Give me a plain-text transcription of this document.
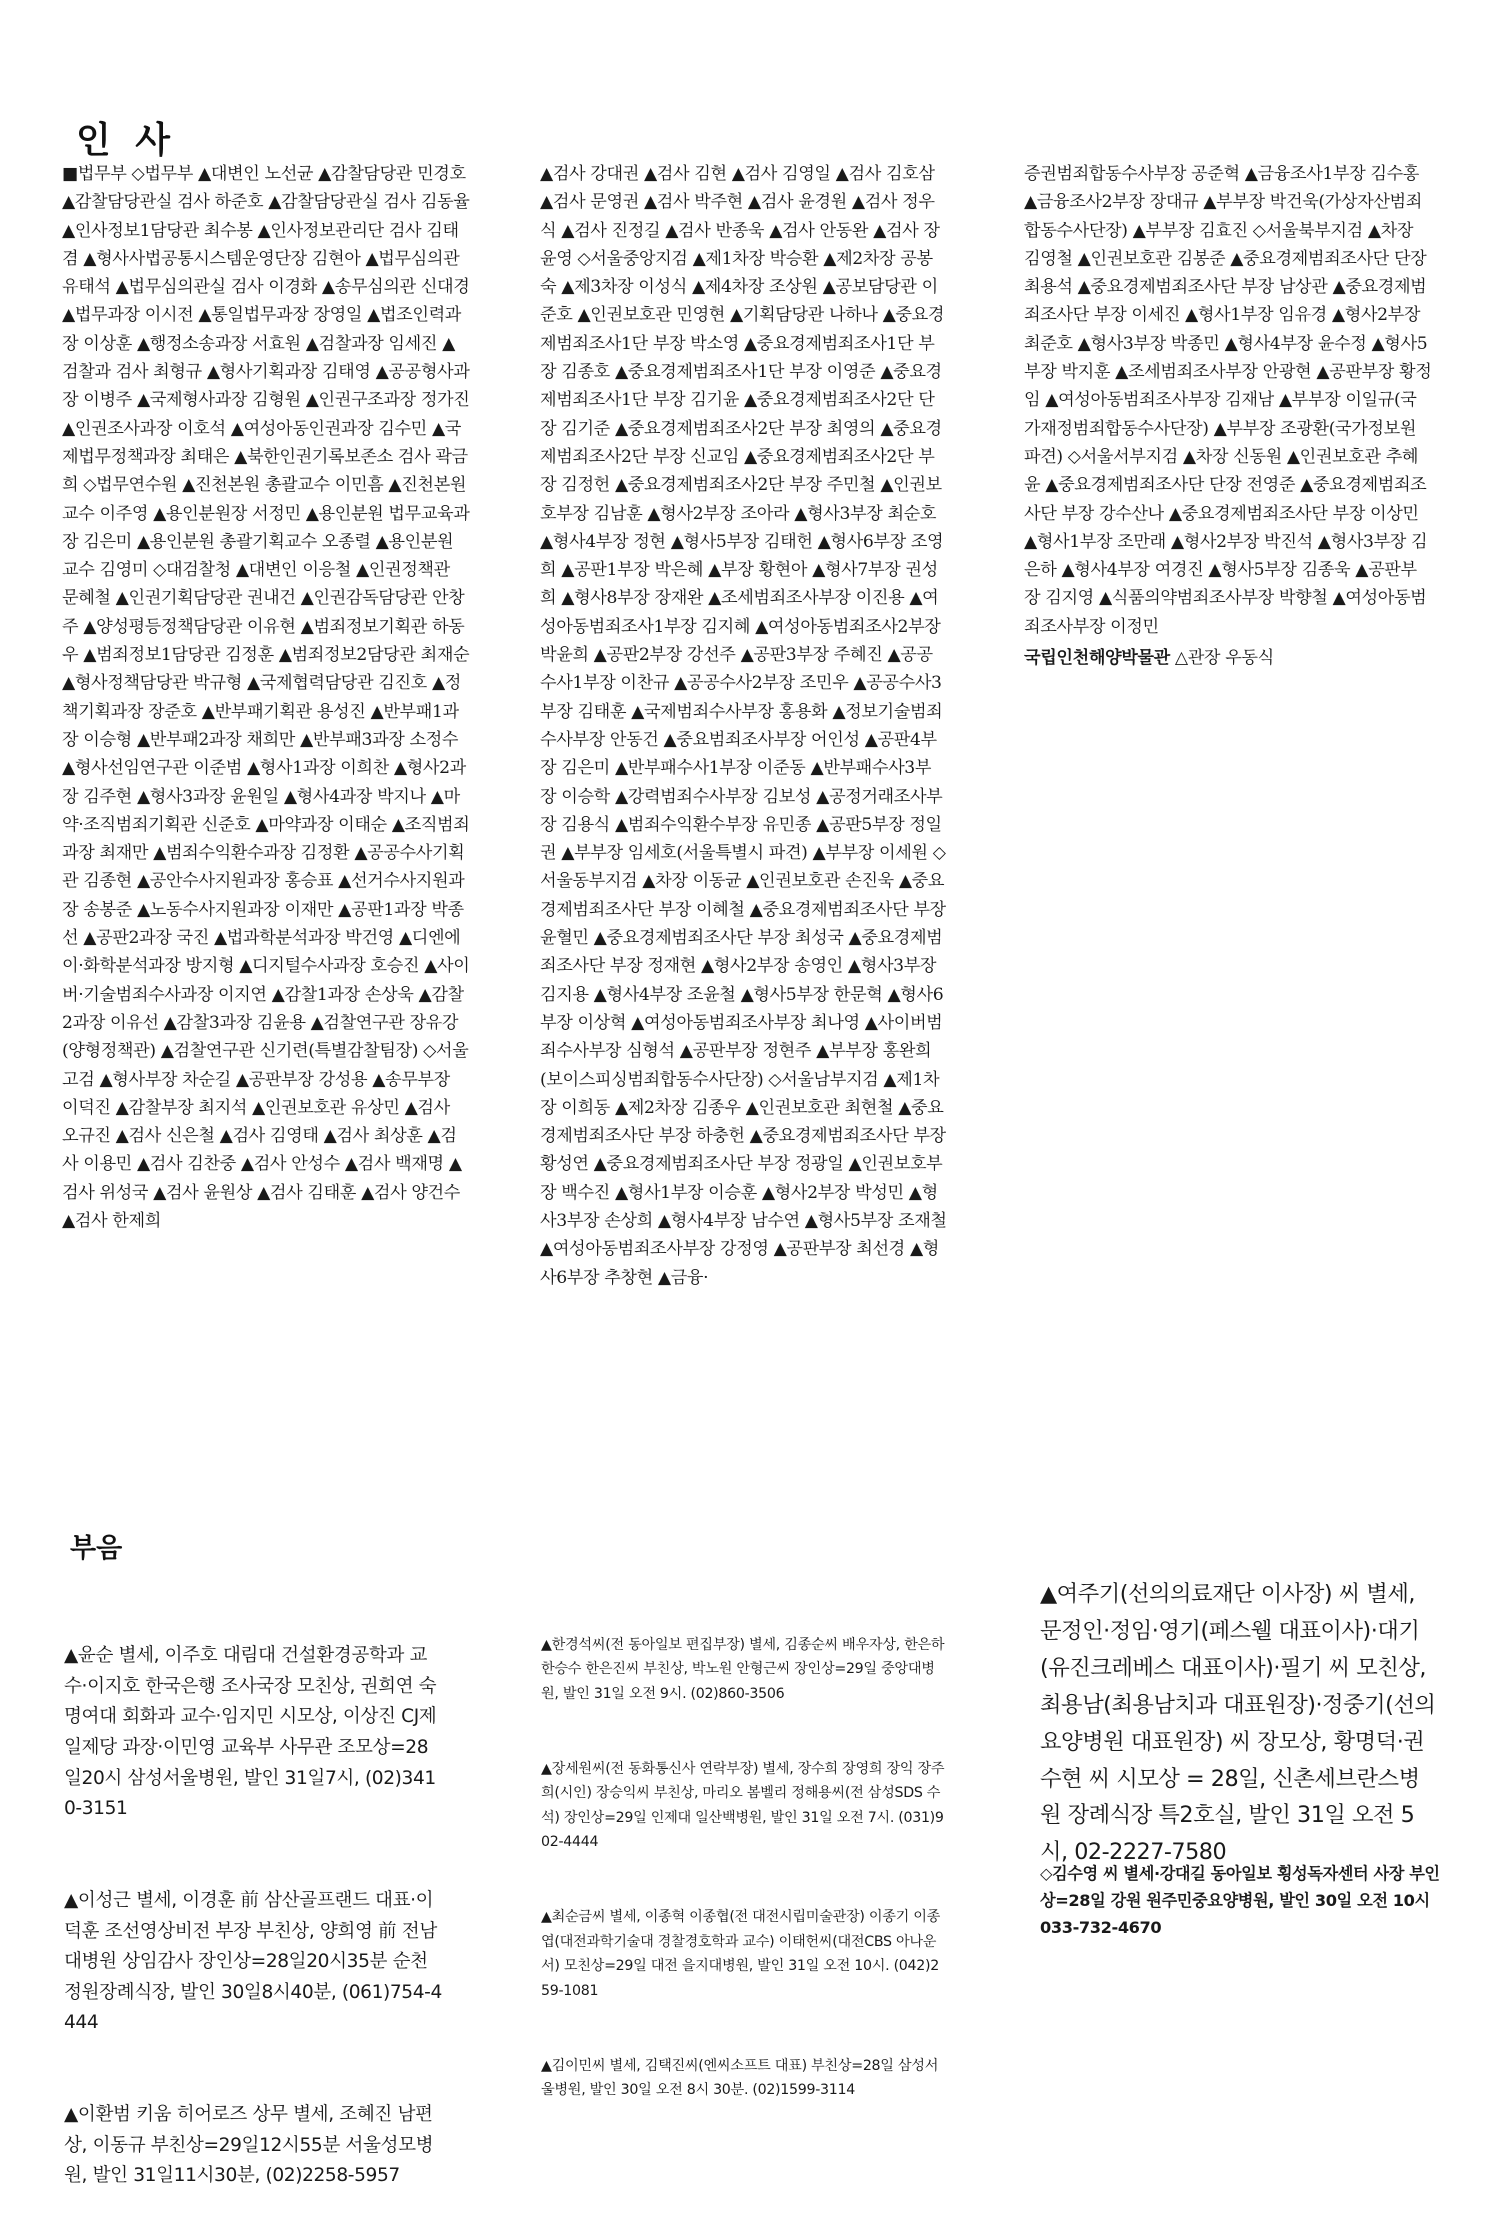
인 사
■법무부 ◇법무부 ▲대변인 노선균 ▲감찰담당관 민경호 ▲감찰담당관실 검사 하준호 ▲감찰담당관실 검사 김동율 ▲인사정보1담당관 최수봉 ▲인사정보관리단 검사 김태겸 ▲형사사법공통시스템운영단장 김현아 ▲법무심의관 유태석 ▲법무심의관실 검사 이경화 ▲송무심의관 신대경 ▲법무과장 이시전 ▲통일법무과장 장영일 ▲법조인력과장 이상훈 ▲행정소송과장 서효원 ▲검찰과장 임세진 ▲검찰과 검사 최형규 ▲형사기획과장 김태영 ▲공공형사과장 이병주 ▲국제형사과장 김형원 ▲인권구조과장 정가진 ▲인권조사과장 이호석 ▲여성아동인권과장 김수민 ▲국제법무정책과장 최태은 ▲북한인권기록보존소 검사 곽금희 ◇법무연수원 ▲진천본원 총괄교수 이민흠 ▲진천본원 교수 이주영 ▲용인분원장 서정민 ▲용인분원 법무교육과장 김은미 ▲용인분원 총괄기획교수 오종렬 ▲용인분원 교수 김영미 ◇대검찰청 ▲대변인 이응철 ▲인권정책관 문혜철 ▲인권기획담당관 권내건 ▲인권감독담당관 안창주 ▲양성평등정책담당관 이유현 ▲범죄정보기획관 하동우 ▲범죄정보1담당관 김정훈 ▲범죄정보2담당관 최재순 ▲형사정책담당관 박규형 ▲국제협력담당관 김진호 ▲정책기획과장 장준호 ▲반부패기획관 용성진 ▲반부패1과장 이승형 ▲반부패2과장 채희만 ▲반부패3과장 소정수 ▲형사선임연구관 이준범 ▲형사1과장 이희찬 ▲형사2과장 김주현 ▲형사3과장 윤원일 ▲형사4과장 박지나 ▲마약·조직범죄기획관 신준호 ▲마약과장 이태순 ▲조직범죄과장 최재만 ▲범죄수익환수과장 김정환 ▲공공수사기획관 김종현 ▲공안수사지원과장 홍승표 ▲선거수사지원과장 송봉준 ▲노동수사지원과장 이재만 ▲공판1과장 박종선 ▲공판2과장 국진 ▲법과학분석과장 박건영 ▲디엔에이·화학분석과장 방지형 ▲디지털수사과장 호승진 ▲사이버·기술범죄수사과장 이지연 ▲감찰1과장 손상욱 ▲감찰2과장 이유선 ▲감찰3과장 김윤용 ▲검찰연구관 장유강(양형정책관) ▲검찰연구관 신기련(특별감찰팀장) ◇서울고검 ▲형사부장 차순길 ▲공판부장 강성용 ▲송무부장 이덕진 ▲감찰부장 최지석 ▲인권보호관 유상민 ▲검사 오규진 ▲검사 신은철 ▲검사 김영태 ▲검사 최상훈 ▲검사 이용민 ▲검사 김찬중 ▲검사 안성수 ▲검사 백재명 ▲검사 위성국 ▲검사 윤원상 ▲검사 김태훈 ▲검사 양건수 ▲검사 한제희
▲검사 강대권 ▲검사 김현 ▲검사 김영일 ▲검사 김호삼 ▲검사 문영권 ▲검사 박주현 ▲검사 윤경원 ▲검사 정우식 ▲검사 진정길 ▲검사 반종욱 ▲검사 안동완 ▲검사 장윤영 ◇서울중앙지검 ▲제1차장 박승환 ▲제2차장 공봉숙 ▲제3차장 이성식 ▲제4차장 조상원 ▲공보담당관 이준호 ▲인권보호관 민영현 ▲기획담당관 나하나 ▲중요경제범죄조사1단 부장 박소영 ▲중요경제범죄조사1단 부장 김종호 ▲중요경제범죄조사1단 부장 이영준 ▲중요경제범죄조사1단 부장 김기윤 ▲중요경제범죄조사2단 단장 김기준 ▲중요경제범죄조사2단 부장 최영의 ▲중요경제범죄조사2단 부장 신교임 ▲중요경제범죄조사2단 부장 김정헌 ▲중요경제범죄조사2단 부장 주민철 ▲인권보호부장 김남훈 ▲형사2부장 조아라 ▲형사3부장 최순호 ▲형사4부장 정현 ▲형사5부장 김태헌 ▲형사6부장 조영희 ▲공판1부장 박은혜 ▲부장 황현아 ▲형사7부장 권성희 ▲형사8부장 장재완 ▲조세범죄조사부장 이진용 ▲여성아동범죄조사1부장 김지혜 ▲여성아동범죄조사2부장 박윤희 ▲공판2부장 강선주 ▲공판3부장 주혜진 ▲공공수사1부장 이찬규 ▲공공수사2부장 조민우 ▲공공수사3부장 김태훈 ▲국제범죄수사부장 홍용화 ▲정보기술범죄수사부장 안동건 ▲중요범죄조사부장 어인성 ▲공판4부장 김은미 ▲반부패수사1부장 이준동 ▲반부패수사3부장 이승학 ▲강력범죄수사부장 김보성 ▲공정거래조사부장 김용식 ▲범죄수익환수부장 유민종 ▲공판5부장 정일권 ▲부부장 임세호(서울특별시 파견) ▲부부장 이세원 ◇서울동부지검 ▲차장 이동균 ▲인권보호관 손진욱 ▲중요경제범죄조사단 부장 이혜철 ▲중요경제범죄조사단 부장 윤혈민 ▲중요경제범죄조사단 부장 최성국 ▲중요경제범죄조사단 부장 정재현 ▲형사2부장 송영인 ▲형사3부장 김지용 ▲형사4부장 조윤철 ▲형사5부장 한문혁 ▲형사6부장 이상혁 ▲여성아동범죄조사부장 최나영 ▲사이버범죄수사부장 심형석 ▲공판부장 정현주 ▲부부장 홍완희(보이스피싱범죄합동수사단장) ◇서울남부지검 ▲제1차장 이희동 ▲제2차장 김종우 ▲인권보호관 최현철 ▲중요경제범죄조사단 부장 하충헌 ▲중요경제범죄조사단 부장 황성연 ▲중요경제범죄조사단 부장 정광일 ▲인권보호부장 백수진 ▲형사1부장 이승훈 ▲형사2부장 박성민 ▲형사3부장 손상희 ▲형사4부장 남수연 ▲형사5부장 조재철 ▲여성아동범죄조사부장 강정영 ▲공판부장 최선경 ▲형사6부장 추창현 ▲금융·
증권범죄합동수사부장 공준혁 ▲금융조사1부장 김수홍 ▲금융조사2부장 장대규 ▲부부장 박건욱(가상자산범죄합동수사단장) ▲부부장 김효진 ◇서울북부지검 ▲차장 김영철 ▲인권보호관 김봉준 ▲중요경제범죄조사단 단장 최용석 ▲중요경제범죄조사단 부장 남상관 ▲중요경제범죄조사단 부장 이세진 ▲형사1부장 임유경 ▲형사2부장 최준호 ▲형사3부장 박종민 ▲형사4부장 윤수정 ▲형사5부장 박지훈 ▲조세범죄조사부장 안광현 ▲공판부장 황정임 ▲여성아동범죄조사부장 김재남 ▲부부장 이일규(국가재정범죄합동수사단장) ▲부부장 조광환(국가정보원 파견) ◇서울서부지검 ▲차장 신동원 ▲인권보호관 추혜윤 ▲중요경제범죄조사단 단장 전영준 ▲중요경제범죄조사단 부장 강수산나 ▲중요경제범죄조사단 부장 이상민 ▲형사1부장 조만래 ▲형사2부장 박진석 ▲형사3부장 김은하 ▲형사4부장 여경진 ▲형사5부장 김종욱 ▲공판부장 김지영 ▲식품의약범죄조사부장 박향철 ▲여성아동범죄조사부장 이정민
국립인천해양박물관 △관장 우동식
부음

▲윤순 별세, 이주호 대림대 건설환경공학과 교수·이지호 한국은행 조사국장 모친상, 권희연 숙명여대 회화과 교수·임지민 시모상, 이상진 CJ제일제당 과장·이민영 교육부 사무관 조모상=28일20시 삼성서울병원, 발인 31일7시, (02)3410-3151

▲이성근 별세, 이경훈 前 삼산골프랜드 대표·이덕훈 조선영상비전 부장 부친상, 양희영 前 전남대병원 상임감사 장인상=28일20시35분 순천정원장례식장, 발인 30일8시40분, (061)754-4444

▲이환범 키움 히어로즈 상무 별세, 조혜진 남편상, 이동규 부친상=29일12시55분 서울성모병원, 발인 31일11시30분, (02)2258-5957

▲한경석씨(전 동아일보 편집부장) 별세, 김종순씨 배우자상, 한은하 한승수 한은진씨 부친상, 박노원 안형근씨 장인상=29일 중앙대병원, 발인 31일 오전 9시. (02)860-3506

▲장세원씨(전 동화통신사 연락부장) 별세, 장수희 장영희 장익 장주희(시인) 장승익씨 부친상, 마리오 봄벨리 정해용씨(전 삼성SDS 수석) 장인상=29일 인제대 일산백병원, 발인 31일 오전 7시. (031)902-4444

▲최순금씨 별세, 이종혁 이종협(전 대전시립미술관장) 이종기 이종엽(대전과학기술대 경찰경호학과 교수) 이태헌씨(대전CBS 아나운서) 모친상=29일 대전 을지대병원, 발인 31일 오전 10시. (042)259-1081

▲김이민씨 별세, 김택진씨(엔씨소프트 대표) 부친상=28일 삼성서울병원, 발인 30일 오전 8시 30분. (02)1599-3114

▲여주기(선의의료재단 이사장) 씨 별세, 문정인·정임·영기(페스웰 대표이사)·대기(유진크레베스 대표이사)·필기 씨 모친상, 최용남(최용남치과 대표원장)·정중기(선의요양병원 대표원장) 씨 장모상, 황명덕·권수현 씨 시모상 = 28일, 신촌세브란스병원 장례식장 특2호실, 발인 31일 오전 5시, 02-2227-7580
◇김수영 씨 별세·강대길 동아일보 횡성독자센터 사장 부인상=28일 강원 원주민중요양병원, 발인 30일 오전 10시 033-732-4670
